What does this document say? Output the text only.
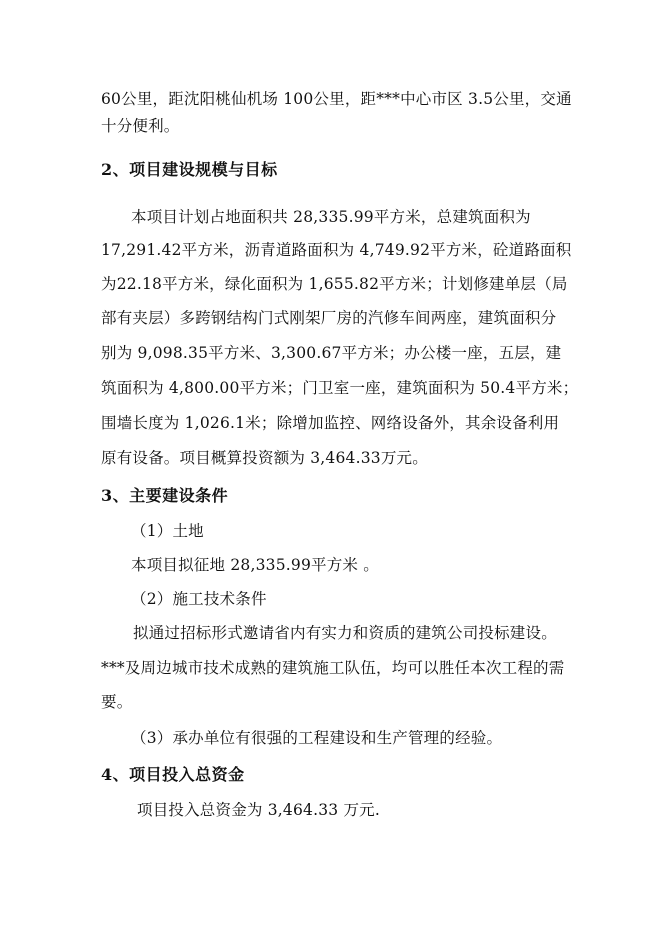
60公里，距沈阳桃仙机场 100公里，距***中心市区 3.5公里，交通
十分便利。
2、项目建设规模与目标
本项目计划占地面积共 28,335.99平方米，总建筑面积为
17,291.42平方米，沥青道路面积为 4,749.92平方米，砼道路面积
为22.18平方米，绿化面积为 1,655.82平方米；计划修建单层（局
部有夹层）多跨钢结构门式刚架厂房的汽修车间两座，建筑面积分
别为 9,098.35平方米、3,300.67平方米；办公楼一座，五层，建
筑面积为 4,800.00平方米；门卫室一座，建筑面积为 50.4平方米；
围墙长度为 1,026.1米；除增加监控、网络设备外，其余设备利用
原有设备。项目概算投资额为 3,464.33万元。
3、主要建设条件
（1）土地
本项目拟征地 28,335.99平方米 。
（2）施工技术条件
拟通过招标形式邀请省内有实力和资质的建筑公司投标建设。
***及周边城市技术成熟的建筑施工队伍，均可以胜任本次工程的需
要。
（3）承办单位有很强的工程建设和生产管理的经验。
4、项目投入总资金
项目投入总资金为 3,464.33 万元.
